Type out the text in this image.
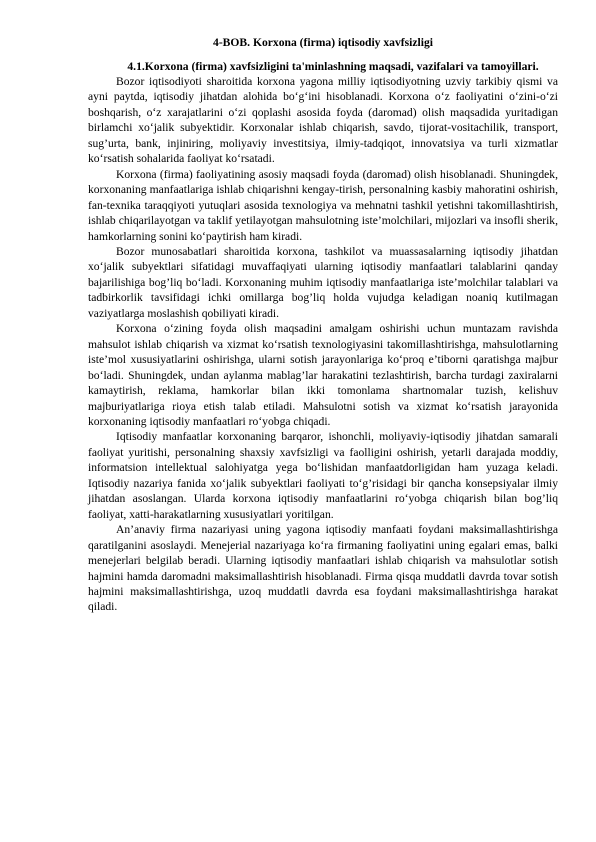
4-BOB. Korxona (firma) iqtisodiy xavfsizligi
4.1.Korxona (firma) xavfsizligini ta'minlashning maqsadi, vazifalari va tamoyillari.

Bozor iqtisodiyoti sharoitida korxona yagona milliy iqtisodiyotning uzviy tarkibiy qismi va ayni paytda, iqtisodiy jihatdan alohida bo‘g‘ini hisoblanadi. Korxona o‘z faoliyatini o‘zini-o‘zi boshqarish, o‘z xarajatlarini o‘zi qoplashi asosida foyda (daromad) olish maqsadida yuritadigan birlamchi xo‘jalik subyektidir. Korxonalar ishlab chiqarish, savdo, tijorat-vositachilik, transport, sug’urta, bank, injiniring, moliyaviy investitsiya, ilmiy-tadqiqot, innovatsiya va turli xizmatlar ko‘rsatish sohalarida faoliyat ko‘rsatadi.

Korxona (firma) faoliyatining asosiy maqsadi foyda (daromad) olish hisoblanadi. Shuningdek, korxonaning manfaatlariga ishlab chiqarishni kengay-tirish, personalning kasbiy mahoratini oshirish, fan-texnika taraqqiyoti yutuqlari asosida texnologiya va mehnatni tashkil yetishni takomillashtirish, ishlab chiqarilayotgan va taklif yetilayotgan mahsulotning iste’molchilari, mijozlari va insofli sherik, hamkorlarning sonini ko‘paytirish ham kiradi.

Bozor munosabatlari sharoitida korxona, tashkilot va muassasalarning iqtisodiy jihatdan xo‘jalik subyektlari sifatidagi muvaffaqiyati ularning iqtisodiy manfaatlari talablarini qanday bajarilishiga bog’liq bo‘ladi. Korxonaning muhim iqtisodiy manfaatlariga iste’molchilar talablari va tadbirkorlik tavsifidagi ichki omillarga bog’liq holda vujudga keladigan noaniq kutilmagan vaziyatlarga moslashish qobiliyati kiradi.

Korxona o‘zining foyda olish maqsadini amalgam oshirishi uchun muntazam ravishda mahsulot ishlab chiqarish va xizmat ko‘rsatish texnologiyasini takomillashtirishga, mahsulotlarning iste’mol xususiyatlarini oshirishga, ularni sotish jarayonlariga ko‘proq e’tiborni qaratishga majbur bo‘ladi. Shuningdek, undan aylanma mablag’lar harakatini tezlashtirish, barcha turdagi zaxiralarni kamaytirish, reklama, hamkorlar bilan ikki tomonlama shartnomalar tuzish, kelishuv majburiyatlariga rioya etish talab etiladi. Mahsulotni sotish va xizmat ko‘rsatish jarayonida korxonaning iqtisodiy manfaatlari ro‘yobga chiqadi.

Iqtisodiy manfaatlar korxonaning barqaror, ishonchli, moliyaviy-iqtisodiy jihatdan samarali faoliyat yuritishi, personalning shaxsiy xavfsizligi va faolligini oshirish, yetarli darajada moddiy, informatsion intellektual salohiyatga yega bo‘lishidan manfaatdorligidan ham yuzaga keladi. Iqtisodiy nazariya fanida xo‘jalik subyektlari faoliyati to‘g’risidagi bir qancha konsepsiyalar ilmiy jihatdan asoslangan. Ularda korxona iqtisodiy manfaatlarini ro‘yobga chiqarish bilan bog’liq faoliyat, xatti-harakatlarning xususiyatlari yoritilgan.

An’anaviy firma nazariyasi uning yagona iqtisodiy manfaati foydani maksimallashtirishga qaratilganini asoslaydi. Menejerial nazariyaga ko‘ra firmaning faoliyatini uning egalari emas, balki menejerlari belgilab beradi. Ularning iqtisodiy manfaatlari ishlab chiqarish va mahsulotlar sotish hajmini hamda daromadni maksimallashtirish hisoblanadi. Firma qisqa muddatli davrda tovar sotish hajmini maksimallashtirishga, uzoq muddatli davrda esa foydani maksimallashtirishga harakat qiladi.
